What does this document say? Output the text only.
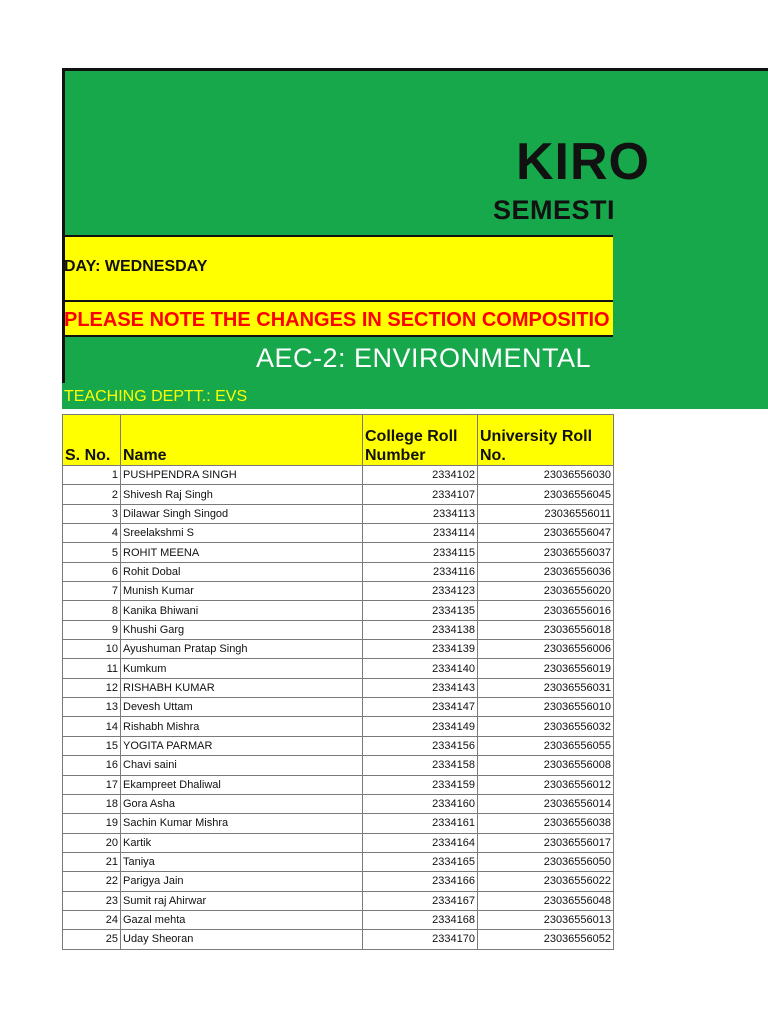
KIRO
SEMESTI
DAY: WEDNESDAY
PLEASE NOTE THE CHANGES IN SECTION COMPOSITIO
AEC-2: ENVIRONMENTAL
TEACHING DEPTT.: EVS
S. No.	Name	College Roll Number	University Roll No.
1	PUSHPENDRA SINGH	2334102	23036556030
2	Shivesh Raj Singh	2334107	23036556045
3	Dilawar Singh Singod	2334113	23036556011
4	Sreelakshmi S	2334114	23036556047
5	ROHIT MEENA	2334115	23036556037
6	Rohit Dobal	2334116	23036556036
7	Munish Kumar	2334123	23036556020
8	Kanika Bhiwani	2334135	23036556016
9	Khushi Garg	2334138	23036556018
10	Ayushuman Pratap Singh	2334139	23036556006
11	Kumkum	2334140	23036556019
12	RISHABH KUMAR	2334143	23036556031
13	Devesh Uttam	2334147	23036556010
14	Rishabh Mishra	2334149	23036556032
15	YOGITA PARMAR	2334156	23036556055
16	Chavi saini	2334158	23036556008
17	Ekampreet Dhaliwal	2334159	23036556012
18	Gora Asha	2334160	23036556014
19	Sachin Kumar Mishra	2334161	23036556038
20	Kartik	2334164	23036556017
21	Taniya	2334165	23036556050
22	Parigya Jain	2334166	23036556022
23	Sumit raj Ahirwar	2334167	23036556048
24	Gazal mehta	2334168	23036556013
25	Uday Sheoran	2334170	23036556052
